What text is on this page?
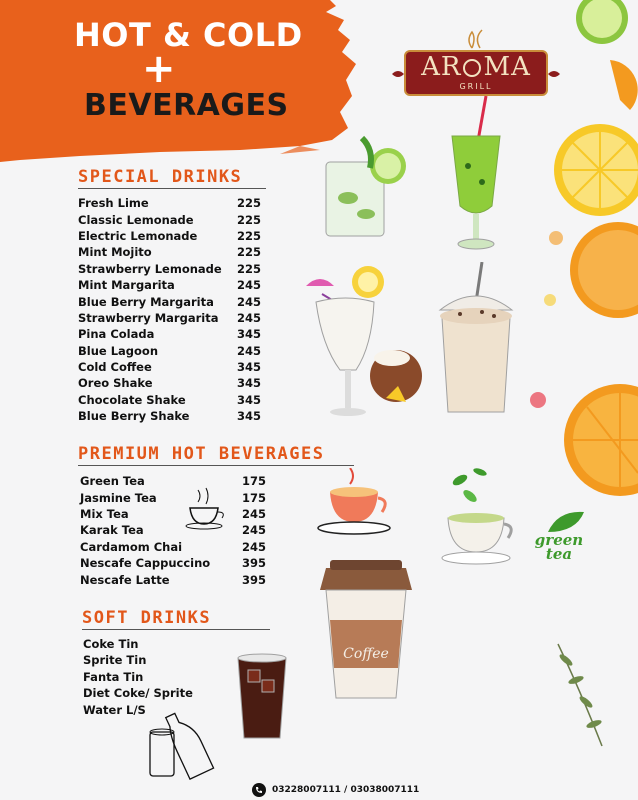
HOT & COLD
+
BEVERAGES
AR MA
GRILL
SPECIAL DRINKS
Fresh Lime	225
Classic Lemonade	225
Electric Lemonade	225
Mint Mojito	225
Strawberry Lemonade 225
Mint Margarita	245
Blue Berry Margarita 245
Strawberry Margarita 245
Pina Colada	345
Blue Lagoon	245
Cold Coffee	345
Oreo Shake	345
Chocolate Shake	345
Blue Berry Shake	345
PREMIUM HOT BEVERAGES
Green Tea	175
Jasmine Tea	175
Mix Tea	245
Karak Tea	245
Cardamom Chai	245
Nescafe Cappuccino	395
Nescafe Latte	395
green
tea
Coffee
SOFT DRINKS
Coke Tin
Sprite Tin
Fanta Tin
Diet Coke/ Sprite
Water L/S
03228007111 / 03038007111
